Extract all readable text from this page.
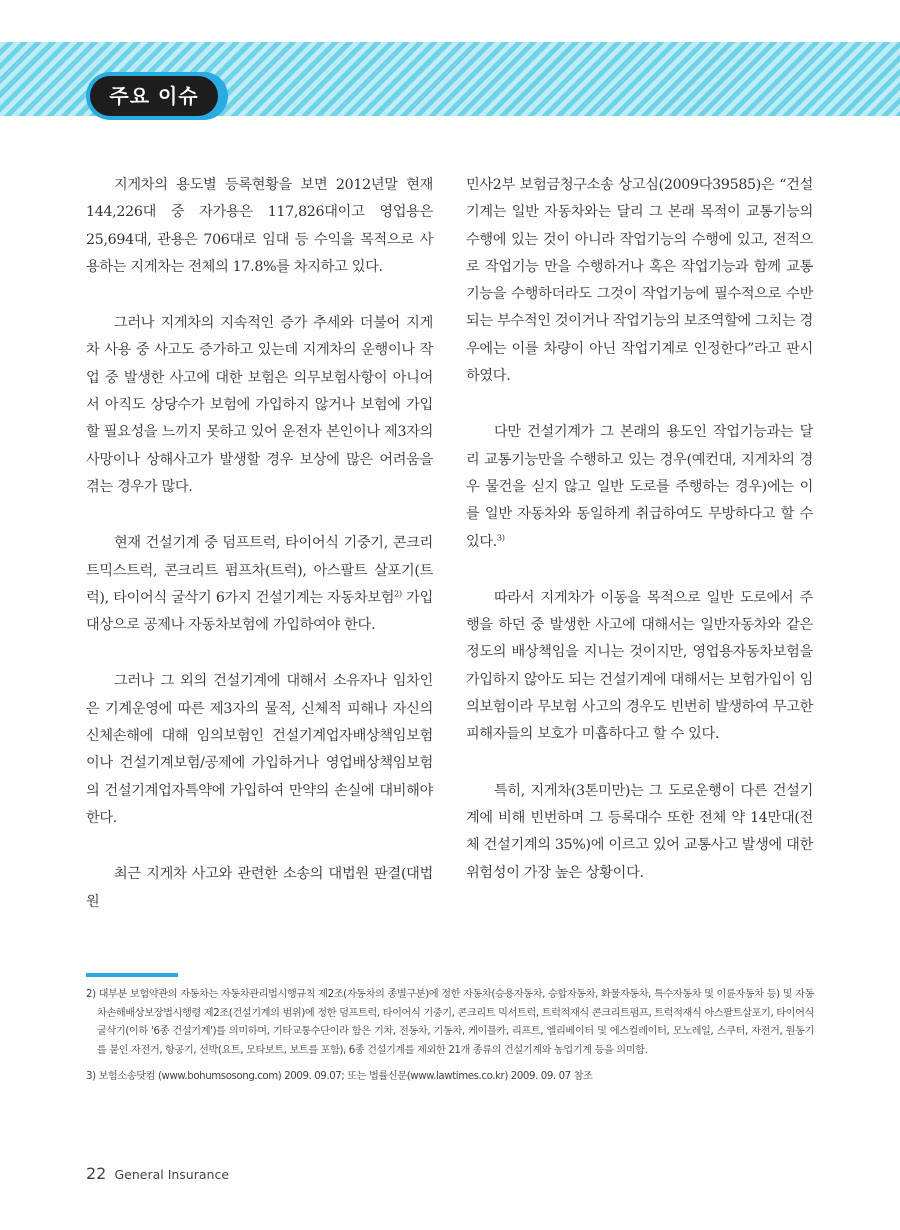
주요 이슈

지게차의 용도별 등록현황을 보면 2012년말 현재 144,226대 중 자가용은 117,826대이고 영업용은 25,694대, 관용은 706대로 임대 등 수익을 목적으로 사용하는 지게차는 전체의 17.8%를 차지하고 있다.

그러나 지게차의 지속적인 증가 추세와 더불어 지게차 사용 중 사고도 증가하고 있는데 지게차의 운행이나 작업 중 발생한 사고에 대한 보험은 의무보험사항이 아니어서 아직도 상당수가 보험에 가입하지 않거나 보험에 가입할 필요성을 느끼지 못하고 있어 운전자 본인이나 제3자의 사망이나 상해사고가 발생할 경우 보상에 많은 어려움을 겪는 경우가 많다.

현재 건설기계 중 덤프트럭, 타이어식 기중기, 콘크리트믹스트럭, 콘크리트 펌프차(트럭), 아스팔트 살포기(트럭), 타이어식 굴삭기 6가지 건설기계는 자동차보험$^{2)}$ 가입대상으로 공제나 자동차보험에 가입하여야 한다.

그러나 그 외의 건설기계에 대해서 소유자나 임차인은 기계운영에 따른 제3자의 물적, 신체적 피해나 자신의 신체손해에 대해 임의보험인 건설기계업자배상책임보험이나 건설기계보험/공제에 가입하거나 영업배상책임보험의 건설기계업자특약에 가입하여 만약의 손실에 대비해야 한다.

최근 지게차 사고와 관련한 소송의 대법원 판결(대법원

민사2부 보험금청구소송 상고심(2009다39585)은 “건설기계는 일반 자동차와는 달리 그 본래 목적이 교통기능의 수행에 있는 것이 아니라 작업기능의 수행에 있고, 전적으로 작업기능 만을 수행하거나 혹은 작업기능과 함께 교통기능을 수행하더라도 그것이 작업기능에 필수적으로 수반되는 부수적인 것이거나 작업기능의 보조역할에 그치는 경우에는 이를 차량이 아닌 작업기계로 인정한다”라고 판시하였다.

다만 건설기계가 그 본래의 용도인 작업기능과는 달리 교통기능만을 수행하고 있는 경우(예컨대, 지게차의 경우 물건을 싣지 않고 일반 도로를 주행하는 경우)에는 이를 일반 자동차와 동일하게 취급하여도 무방하다고 할 수 있다.$^{3)}$

따라서 지게차가 이동을 목적으로 일반 도로에서 주행을 하던 중 발생한 사고에 대해서는 일반자동차와 같은 정도의 배상책임을 지니는 것이지만, 영업용자동차보험을 가입하지 않아도 되는 건설기계에 대해서는 보험가입이 임의보험이라 무보험 사고의 경우도 빈번히 발생하여 무고한 피해자들의 보호가 미흡하다고 할 수 있다.

특히, 지게차(3톤미만)는 그 도로운행이 다른 건설기계에 비해 빈번하며 그 등록대수 또한 전체 약 14만대(전체 건설기계의 35%)에 이르고 있어 교통사고 발생에 대한 위험성이 가장 높은 상황이다.

2) 대부분 보험약관의 자동차는 자동차관리법시행규칙 제2조(자동차의 종별구분)에 정한 자동차(승용자동차, 승합자동차, 화물자동차, 특수자동차 및 이륜자동차 등) 및 자동차손해배상보장법시행령 제2조(건설기계의 범위)에 정한 덤프트럭, 타이어식 기중기, 콘크리트 믹서트럭, 트럭적재식 콘크리트펌프, 트럭적재식 아스팔트살포기, 타이어식 굴삭기(이하 '6종 건설기계')를 의미하며, 기타교통수단이라 함은 기차, 전동차, 기동차, 케이블카, 리프트, 엘리베이터 및 에스컬레이터, 모노레일, 스쿠터, 자전거, 원동기를 붙인 자전거, 항공기, 선박(요트, 모타보트, 보트를 포함), 6종 건설기계를 제외한 21개 종류의 건설기계와 농업기계 등을 의미함.
3) 보험소송닷컴 (www.bohumsosong.com) 2009. 09.07; 또는 법률신문(www.lawtimes.co.kr) 2009. 09. 07 참조
22 General Insurance
